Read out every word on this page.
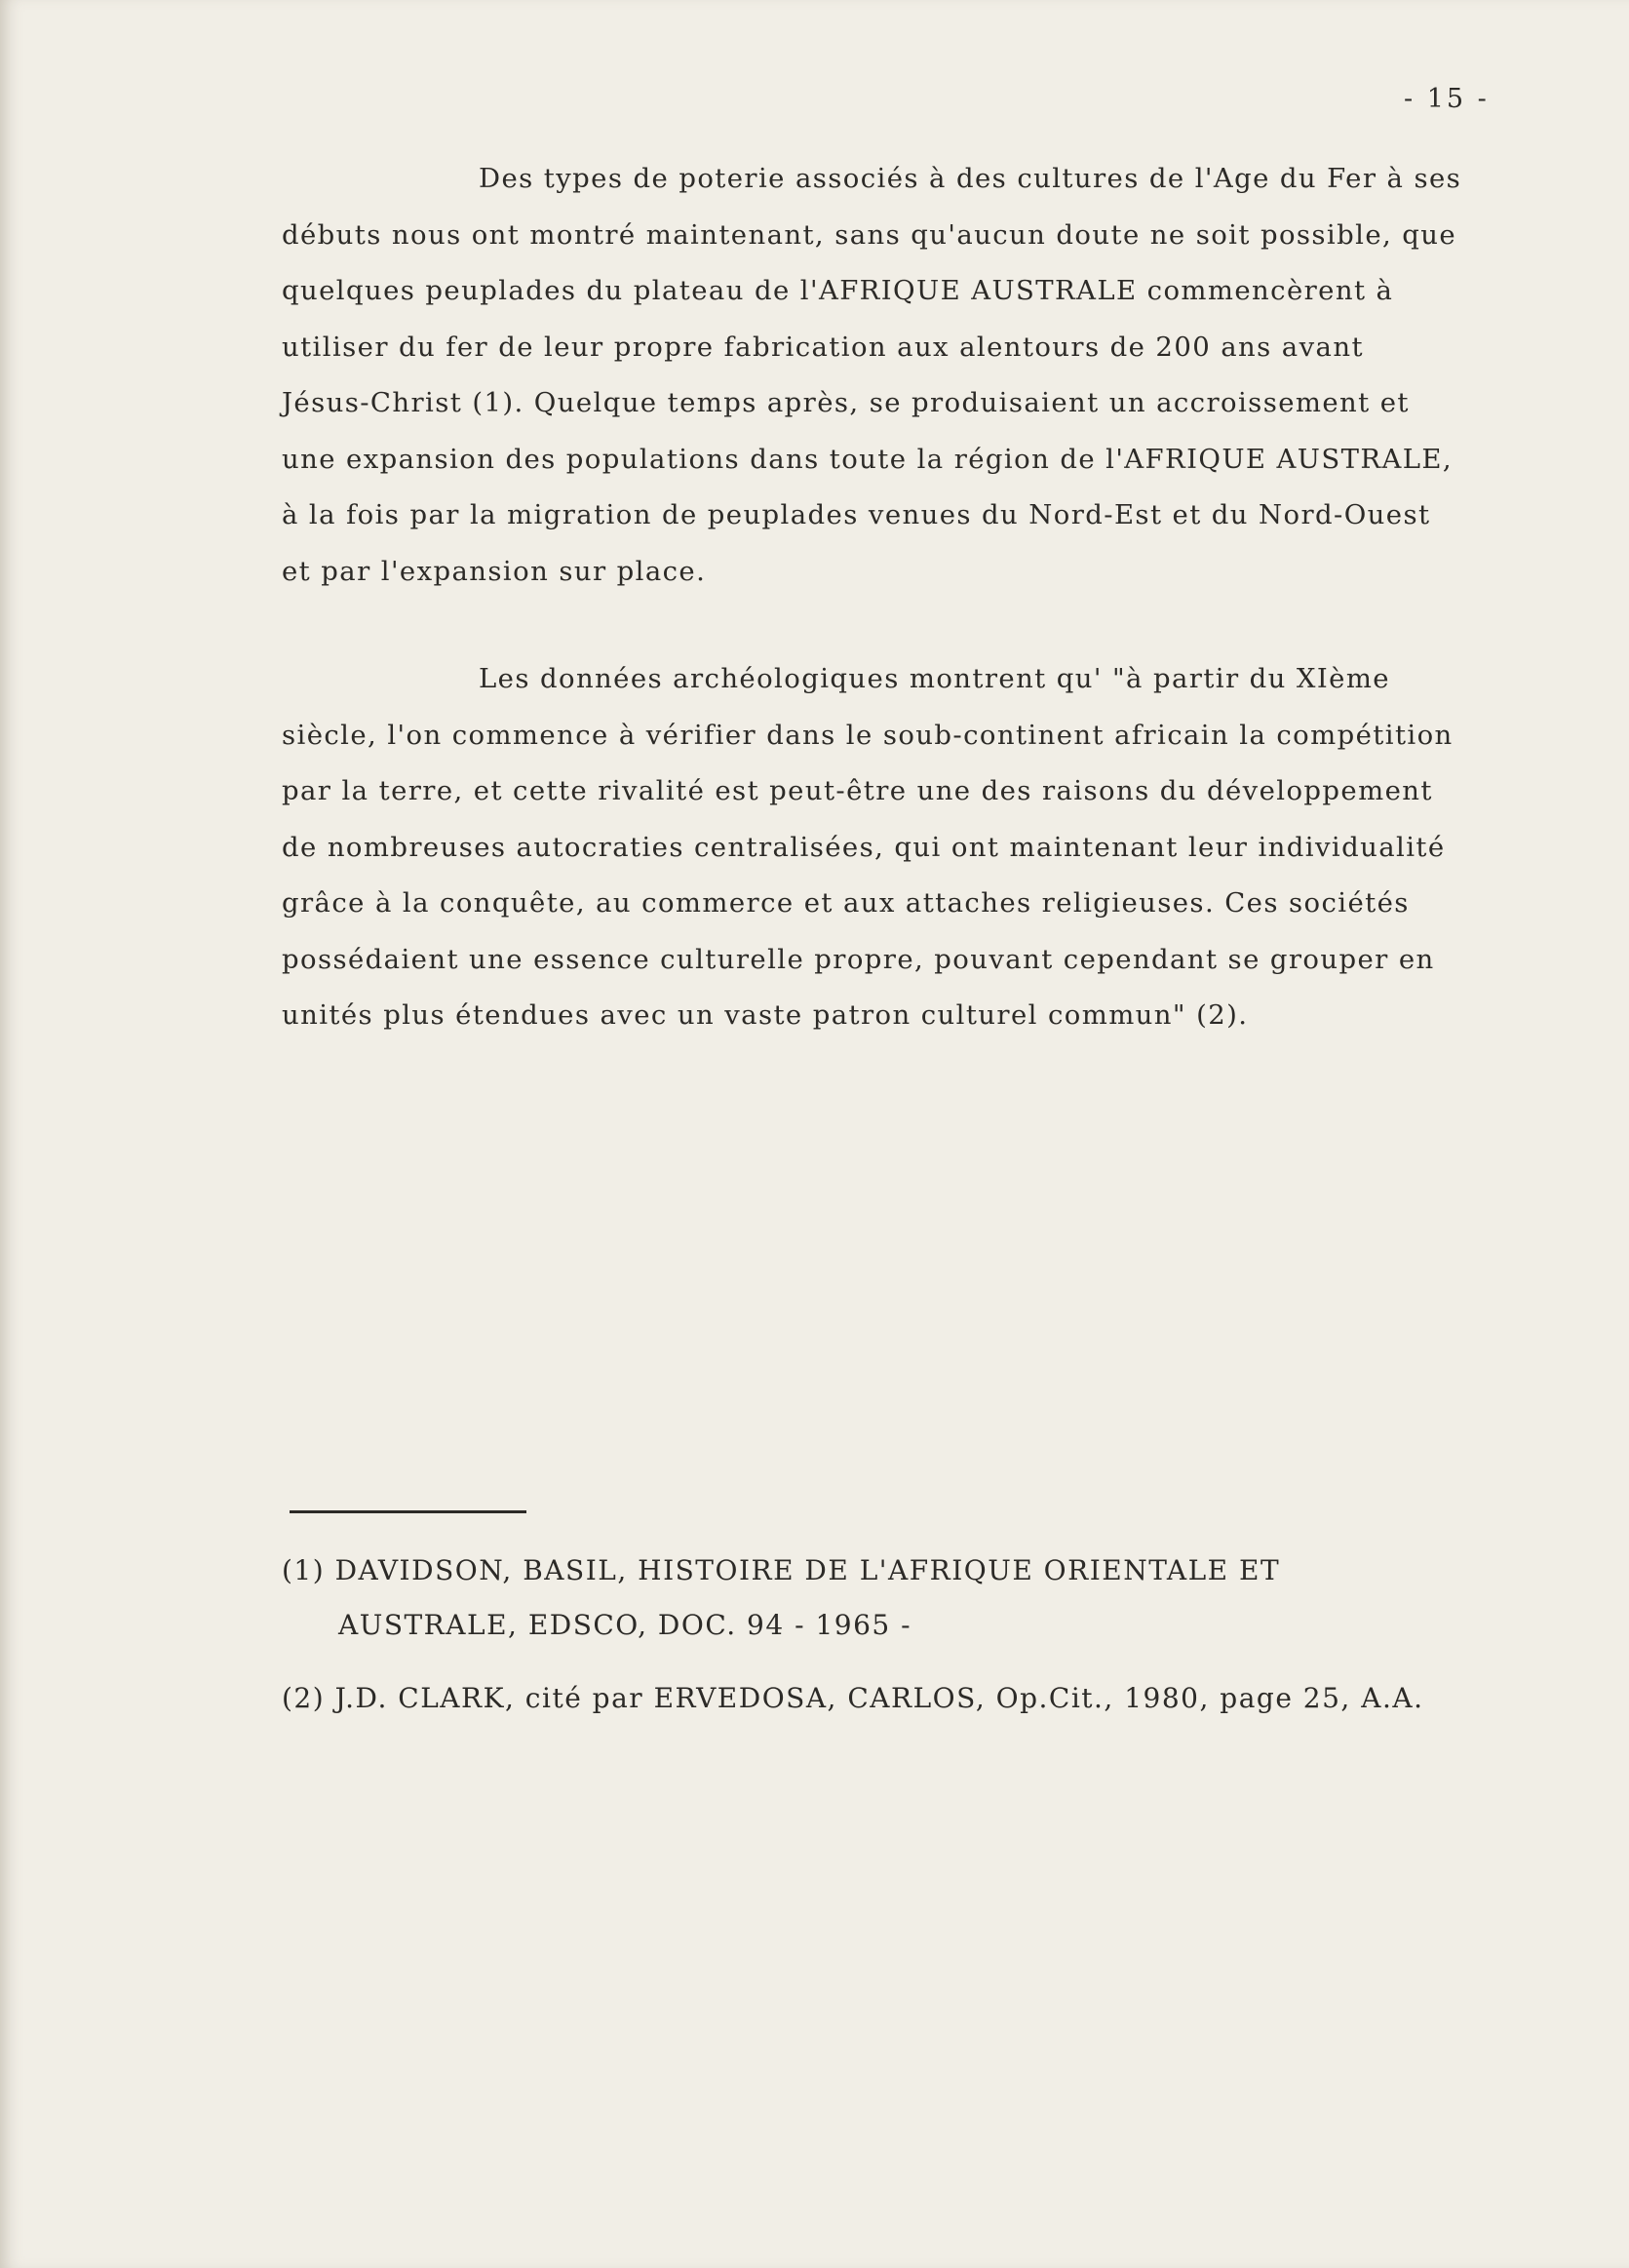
- 15 -
Des types de poterie associés à des cultures de l'Age du Fer à ses
débuts nous ont montré maintenant, sans qu'aucun doute ne soit possible, que
quelques peuplades du plateau de l'AFRIQUE AUSTRALE commencèrent à
utiliser du fer de leur propre fabrication aux alentours de 200 ans avant
Jésus-Christ (1). Quelque temps après, se produisaient un accroissement et
une expansion des populations dans toute la région de l'AFRIQUE AUSTRALE,
à la fois par la migration de peuplades venues du Nord-Est et du Nord-Ouest
et par l'expansion sur place.
Les données archéologiques montrent qu' "à partir du XIème
siècle, l'on commence à vérifier dans le soub-continent africain la compétition
par la terre, et cette rivalité est peut-être une des raisons du développement
de nombreuses autocraties centralisées, qui ont maintenant leur individualité
grâce à la conquête, au commerce et aux attaches religieuses. Ces sociétés
possédaient une essence culturelle propre, pouvant cependant se grouper en
unités plus étendues avec un vaste patron culturel commun" (2).
(1) DAVIDSON, BASIL, HISTOIRE DE L'AFRIQUE ORIENTALE ET
AUSTRALE, EDSCO, DOC. 94 - 1965 -
(2) J.D. CLARK, cité par ERVEDOSA, CARLOS, Op.Cit., 1980, page 25, A.A.
